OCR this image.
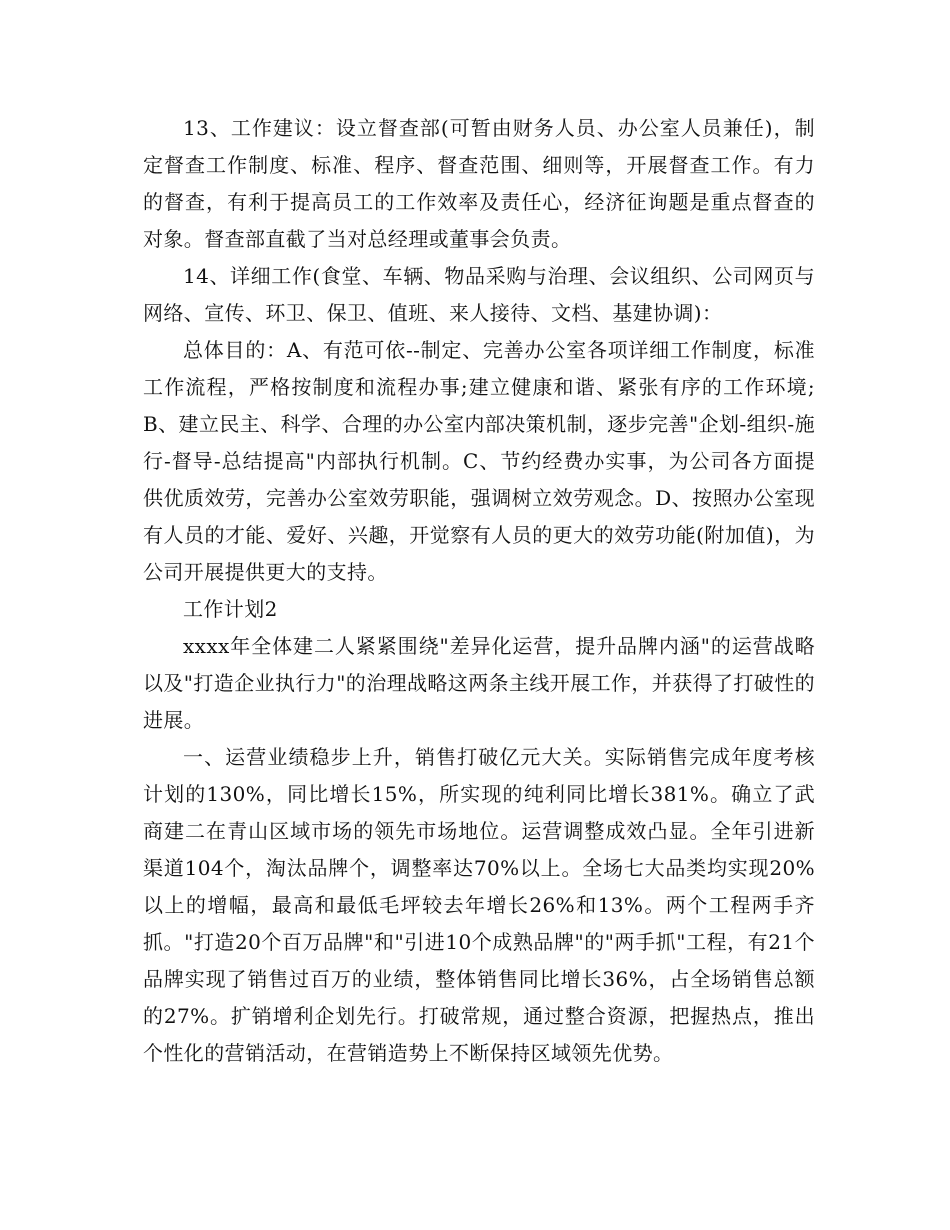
13、工作建议：设立督查部(可暂由财务人员、办公室人员兼任)，制定督查工作制度、标准、程序、督查范围、细则等，开展督查工作。有力的督查，有利于提高员工的工作效率及责任心，经济征询题是重点督查的对象。督查部直截了当对总经理或董事会负责。

14、详细工作(食堂、车辆、物品采购与治理、会议组织、公司网页与网络、宣传、环卫、保卫、值班、来人接待、文档、基建协调)：

总体目的：A、有范可依--制定、完善办公室各项详细工作制度，标准工作流程，严格按制度和流程办事;建立健康和谐、紧张有序的工作环境;B、建立民主、科学、合理的办公室内部决策机制，逐步完善"企划-组织-施行-督导-总结提高"内部执行机制。C、节约经费办实事，为公司各方面提供优质效劳，完善办公室效劳职能，强调树立效劳观念。D、按照办公室现有人员的才能、爱好、兴趣，开觉察有人员的更大的效劳功能(附加值)，为公司开展提供更大的支持。

工作计划2

xxxx年全体建二人紧紧围绕"差异化运营，提升品牌内涵"的运营战略以及"打造企业执行力"的治理战略这两条主线开展工作，并获得了打破性的进展。

一、运营业绩稳步上升，销售打破亿元大关。实际销售完成年度考核计划的130%，同比增长15%，所实现的纯利同比增长381%。确立了武商建二在青山区域市场的领先市场地位。运营调整成效凸显。全年引进新渠道104个，淘汰品牌个，调整率达70%以上。全场七大品类均实现20%以上的增幅，最高和最低毛坪较去年增长26%和13%。两个工程两手齐抓。"打造20个百万品牌"和"引进10个成熟品牌"的"两手抓"工程，有21个品牌实现了销售过百万的业绩，整体销售同比增长36%，占全场销售总额的27%。扩销增利企划先行。打破常规，通过整合资源，把握热点，推出个性化的营销活动，在营销造势上不断保持区域领先优势。
